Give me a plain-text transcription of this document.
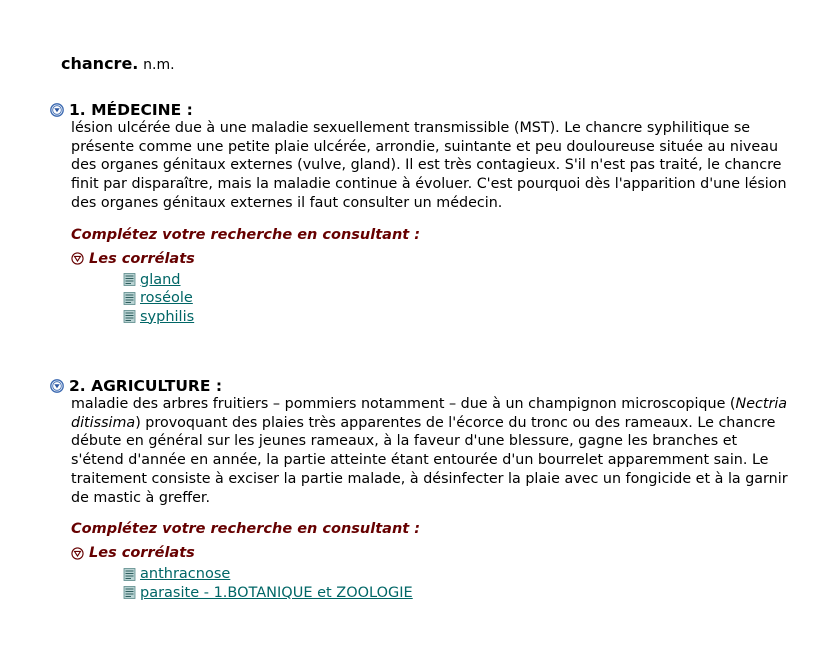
chancre. n.m.
1. MÉDECINE :
lésion ulcérée due à une maladie sexuellement transmissible (MST). Le chancre syphilitique se présente comme une petite plaie ulcérée, arrondie, suintante et peu douloureuse située au niveau des organes génitaux externes (vulve, gland). Il est très contagieux. S'il n'est pas traité, le chancre finit par disparaître, mais la maladie continue à évoluer. C'est pourquoi dès l'apparition d'une lésion des organes génitaux externes il faut consulter un médecin.
Complétez votre recherche en consultant :
Les corrélats
gland
roséole
syphilis
2. AGRICULTURE :
maladie des arbres fruitiers – pommiers notamment – due à un champignon microscopique (Nectria ditissima) provoquant des plaies très apparentes de l'écorce du tronc ou des rameaux. Le chancre débute en général sur les jeunes rameaux, à la faveur d'une blessure, gagne les branches et s'étend d'année en année, la partie atteinte étant entourée d'un bourrelet apparemment sain. Le traitement consiste à exciser la partie malade, à désinfecter la plaie avec un fongicide et à la garnir de mastic à greffer.
Complétez votre recherche en consultant :
Les corrélats
anthracnose
parasite - 1.BOTANIQUE et ZOOLOGIE
